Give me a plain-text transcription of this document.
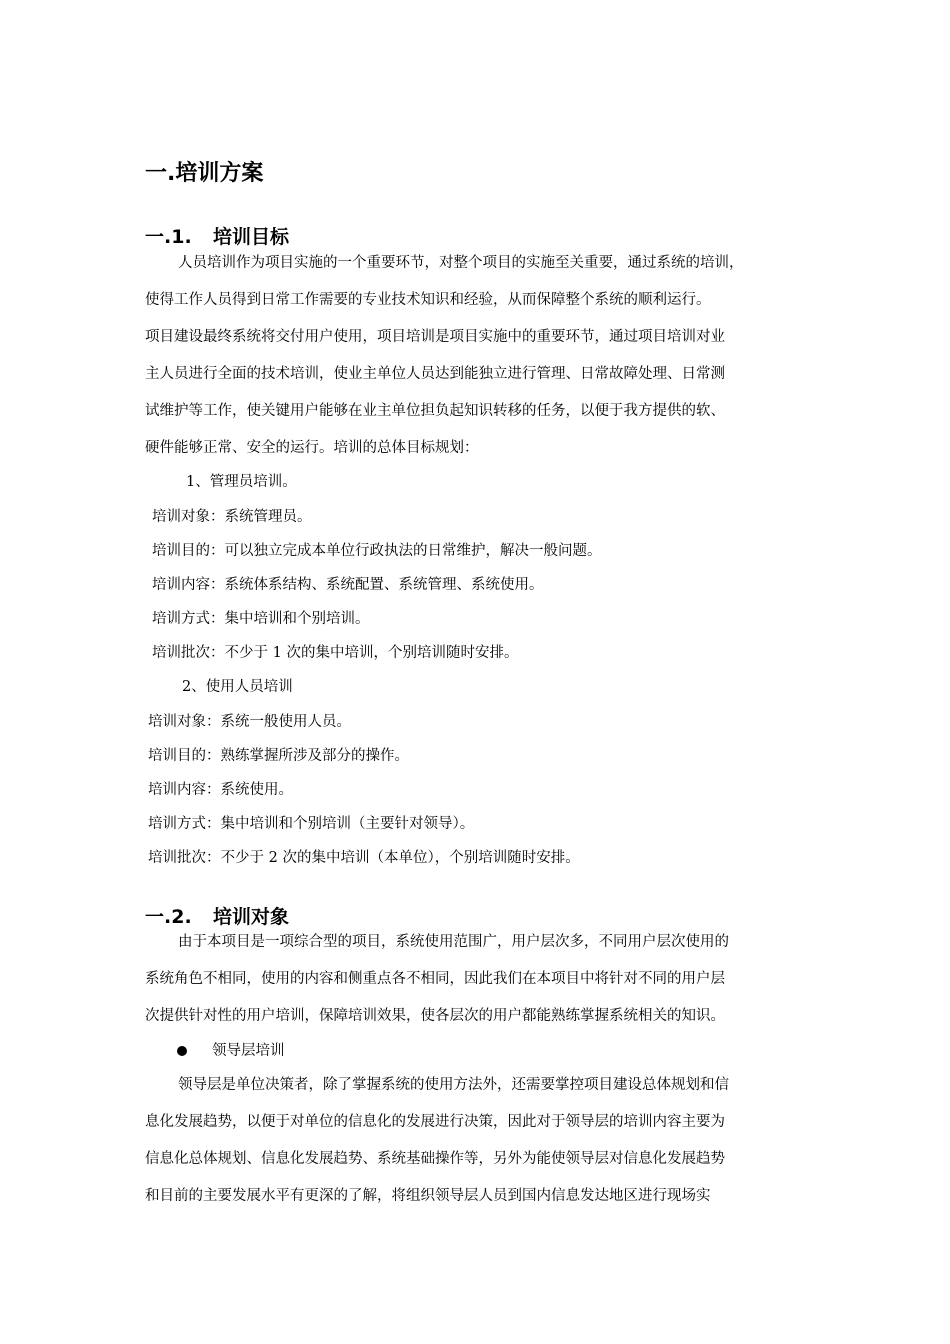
一.培训方案
一.1. 培训目标
人员培训作为项目实施的一个重要环节，对整个项目的实施至关重要，通过系统的培训，
使得工作人员得到日常工作需要的专业技术知识和经验，从而保障整个系统的顺利运行。
项目建设最终系统将交付用户使用，项目培训是项目实施中的重要环节，通过项目培训对业
主人员进行全面的技术培训，使业主单位人员达到能独立进行管理、日常故障处理、日常测
试维护等工作，使关键用户能够在业主单位担负起知识转移的任务，以便于我方提供的软、
硬件能够正常、安全的运行。培训的总体目标规划：
1、管理员培训。
培训对象：系统管理员。
培训目的：可以独立完成本单位行政执法的日常维护，解决一般问题。
培训内容：系统体系结构、系统配置、系统管理、系统使用。
培训方式：集中培训和个别培训。
培训批次：不少于 1 次的集中培训，个别培训随时安排。
2、使用人员培训
培训对象：系统一般使用人员。
培训目的：熟练掌握所涉及部分的操作。
培训内容：系统使用。
培训方式：集中培训和个别培训（主要针对领导）。
培训批次：不少于 2 次的集中培训（本单位），个别培训随时安排。
一.2. 培训对象
由于本项目是一项综合型的项目，系统使用范围广，用户层次多，不同用户层次使用的
系统角色不相同，使用的内容和侧重点各不相同，因此我们在本项目中将针对不同的用户层
次提供针对性的用户培训，保障培训效果，使各层次的用户都能熟练掌握系统相关的知识。
领导层培训
领导层是单位决策者，除了掌握系统的使用方法外，还需要掌控项目建设总体规划和信
息化发展趋势，以便于对单位的信息化的发展进行决策，因此对于领导层的培训内容主要为
信息化总体规划、信息化发展趋势、系统基础操作等，另外为能使领导层对信息化发展趋势
和目前的主要发展水平有更深的了解，将组织领导层人员到国内信息发达地区进行现场实
